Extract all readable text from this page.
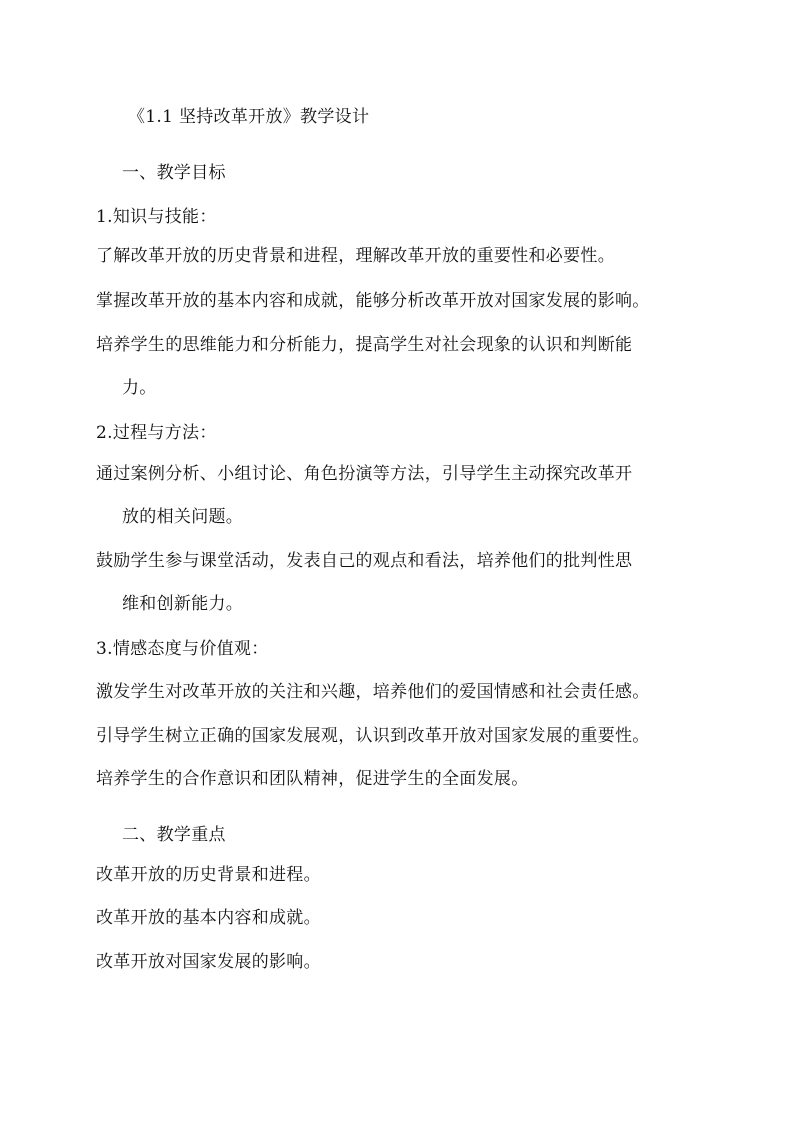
《1.1 坚持改革开放》教学设计
一、教学目标
1.知识与技能：
了解改革开放的历史背景和进程，理解改革开放的重要性和必要性。
掌握改革开放的基本内容和成就，能够分析改革开放对国家发展的影响。
培养学生的思维能力和分析能力，提高学生对社会现象的认识和判断能
力。
2.过程与方法：
通过案例分析、小组讨论、角色扮演等方法，引导学生主动探究改革开
放的相关问题。
鼓励学生参与课堂活动，发表自己的观点和看法，培养他们的批判性思
维和创新能力。
3.情感态度与价值观：
激发学生对改革开放的关注和兴趣，培养他们的爱国情感和社会责任感。
引导学生树立正确的国家发展观，认识到改革开放对国家发展的重要性。
培养学生的合作意识和团队精神，促进学生的全面发展。
二、教学重点
改革开放的历史背景和进程。
改革开放的基本内容和成就。
改革开放对国家发展的影响。
